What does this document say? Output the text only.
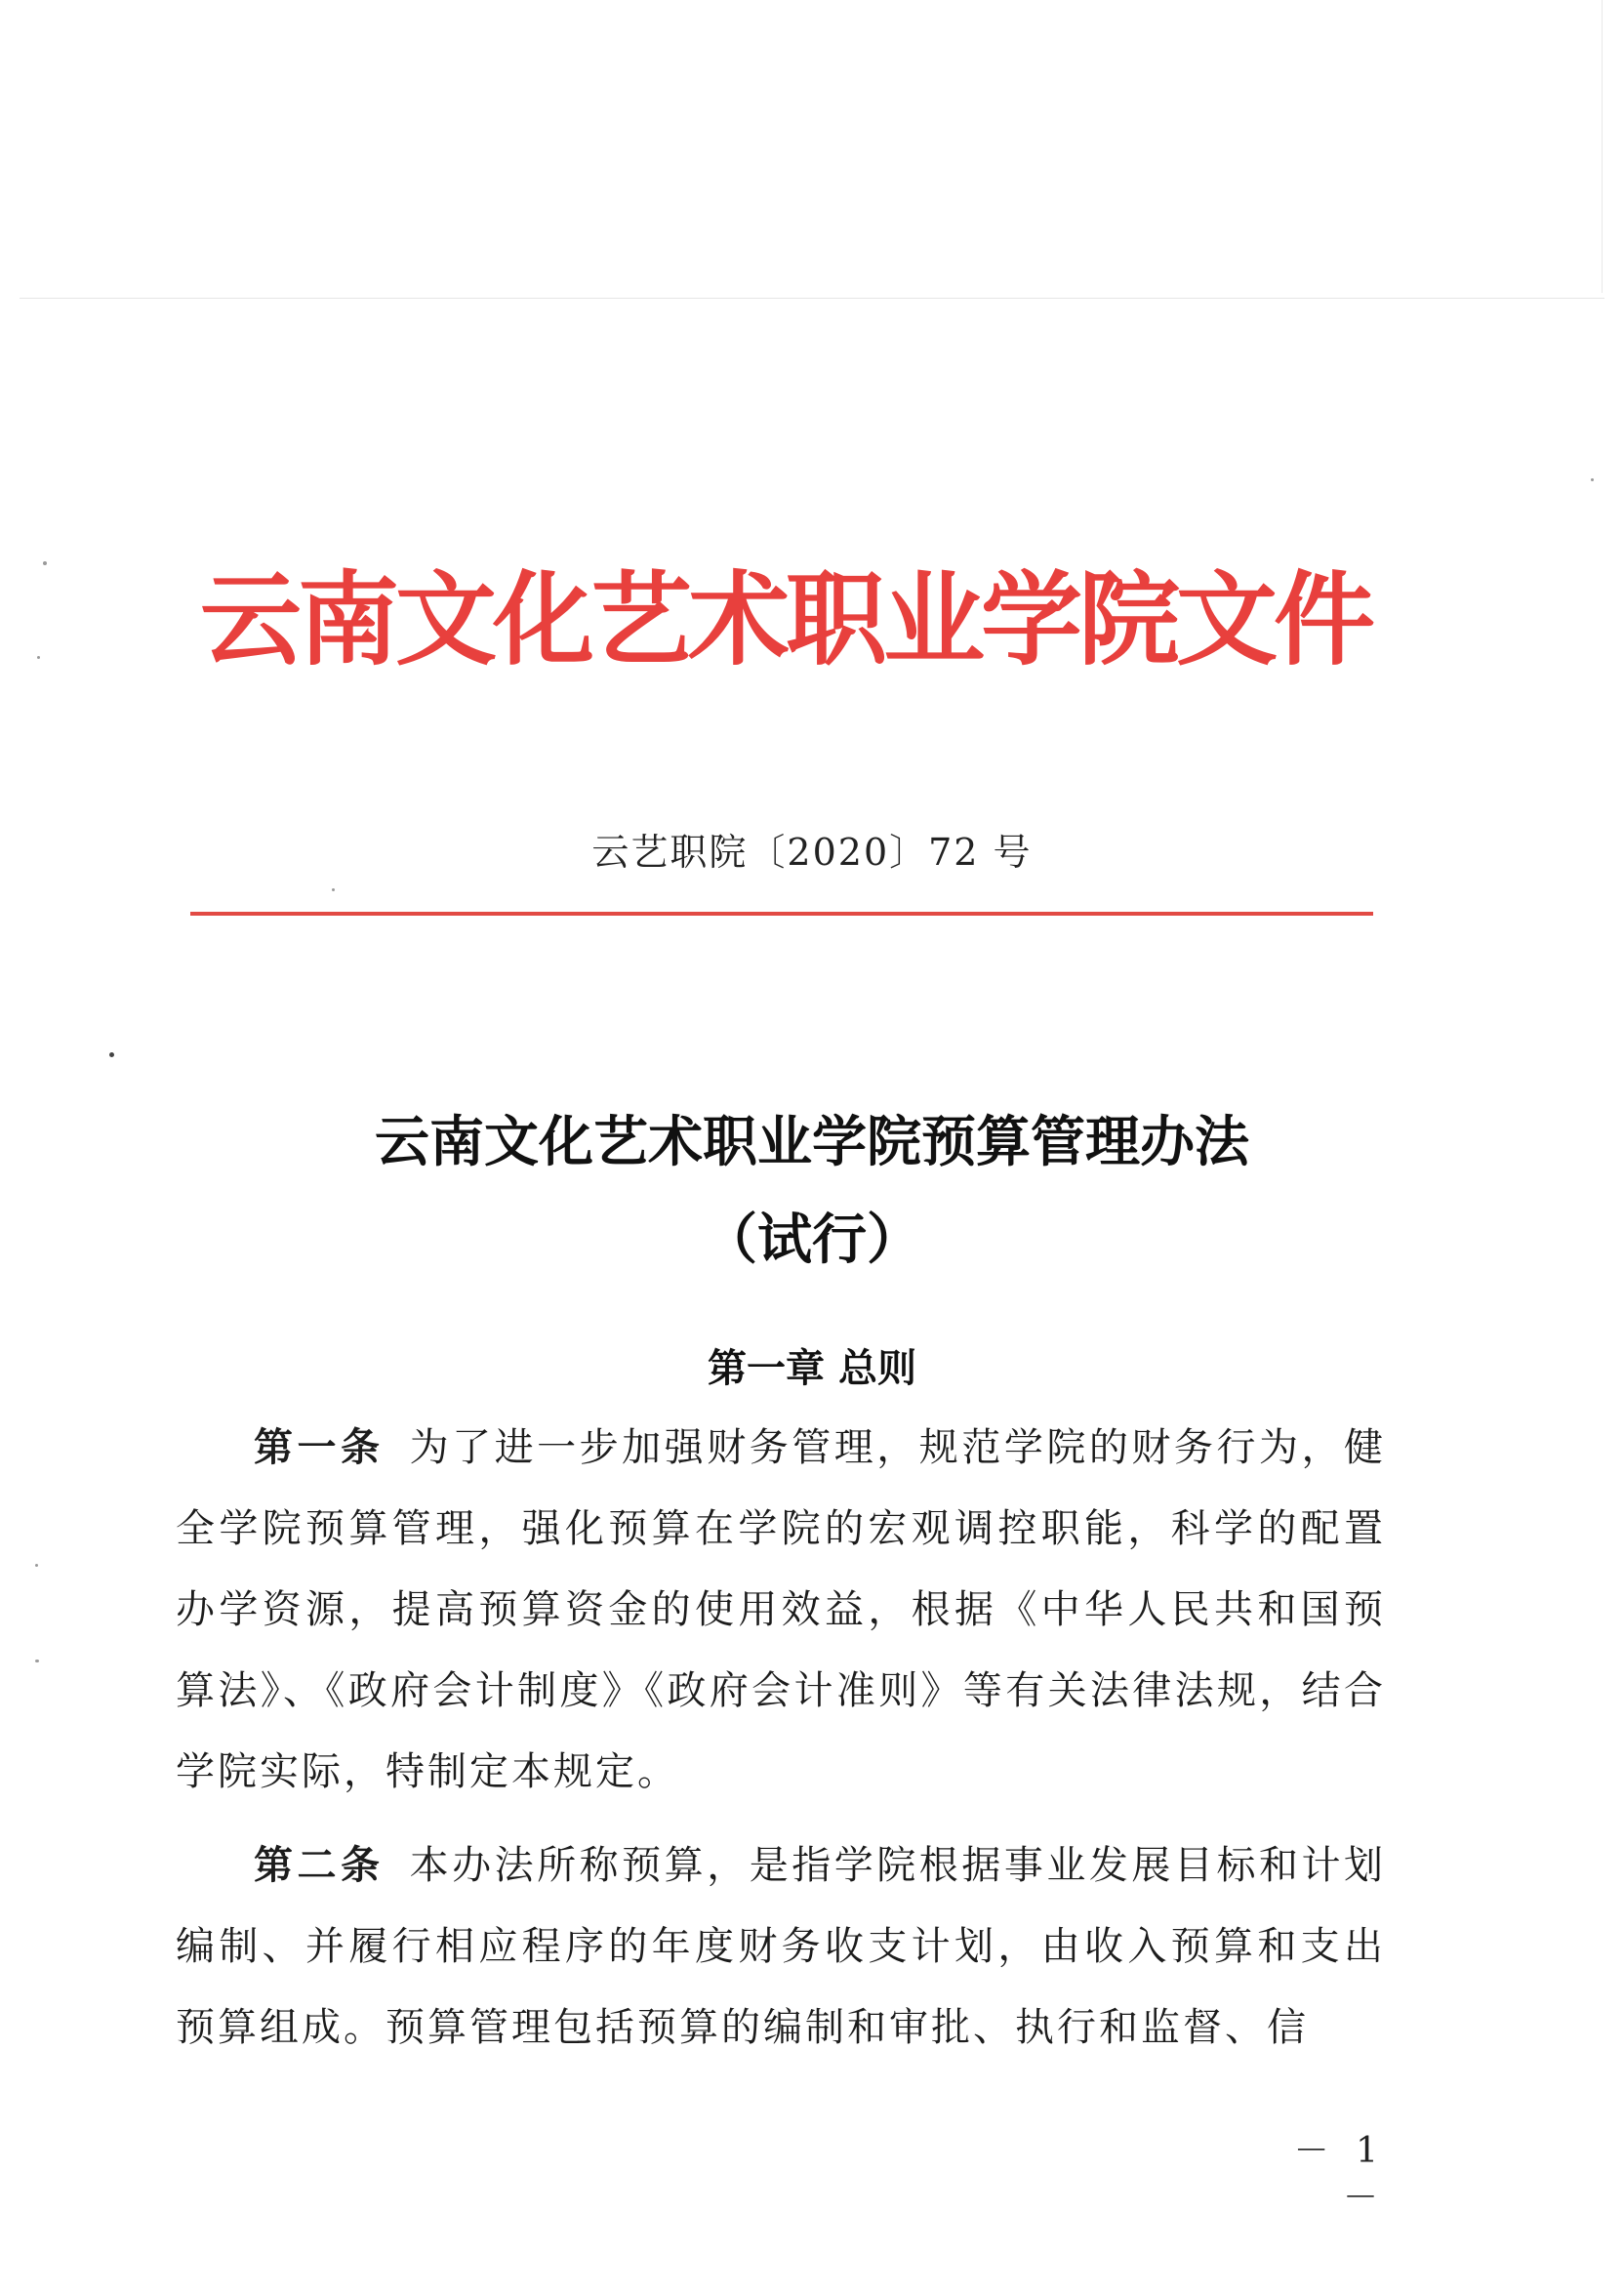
云南文化艺术职业学院文件
云艺职院〔2020〕72 号
云南文化艺术职业学院预算管理办法
（试行）
第一章 总则

第一条 为了进一步加强财务管理，规范学院的财务行为，健全学院预算管理，强化预算在学院的宏观调控职能，科学的配置办学资源，提高预算资金的使用效益，根据《中华人民共和国预算法》、《政府会计制度》《政府会计准则》等有关法律法规，结合学院实际，特制定本规定。

第二条 本办法所称预算，是指学院根据事业发展目标和计划编制、并履行相应程序的年度财务收支计划，由收入预算和支出预算组成。预算管理包括预算的编制和审批、执行和监督、信

－ 1 －
